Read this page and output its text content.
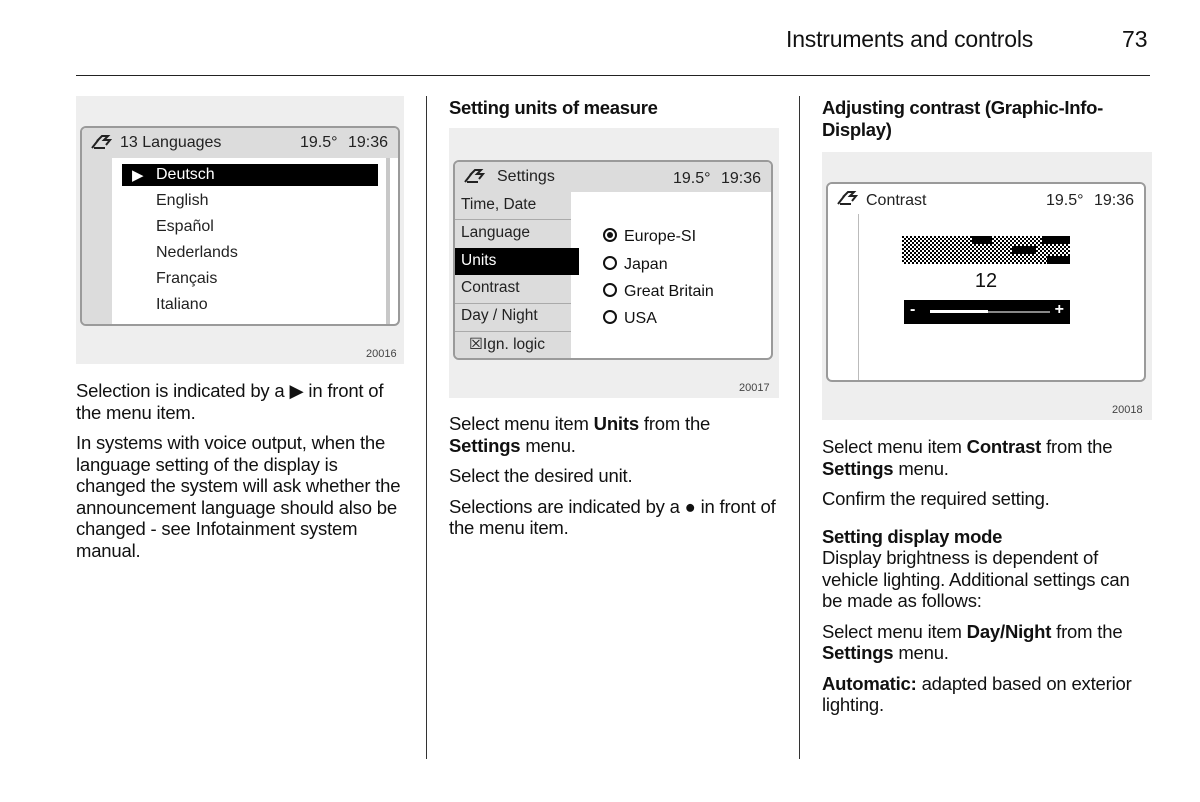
Instruments and controls	73
13 Languages	19.5° 19:36
▶ Deutsch
English
Español
Nederlands
Français
Italiano
20016

Selection is indicated by a ▶ in front of the menu item.

In systems with voice output, when the language setting of the display is changed the system will ask whether the announcement language should also be changed - see Infotainment system manual.

Setting units of measure
Settings	19.5° 19:36
Time, Date
Language
Units
Contrast
Day / Night
☒Ign. logic
Europe-SI
Japan
Great Britain
USA
20017

Select menu item Units from the Settings menu.

Select the desired unit.

Selections are indicated by a ● in front of the menu item.

Adjusting contrast (Graphic-Info-Display)
Contrast	19.5° 19:36
12
-	+
20018

Select menu item Contrast from the Settings menu.

Confirm the required setting.

Setting display mode

Display brightness is dependent of vehicle lighting. Additional settings can be made as follows:

Select menu item Day/Night from the Settings menu.

Automatic: adapted based on exterior lighting.
